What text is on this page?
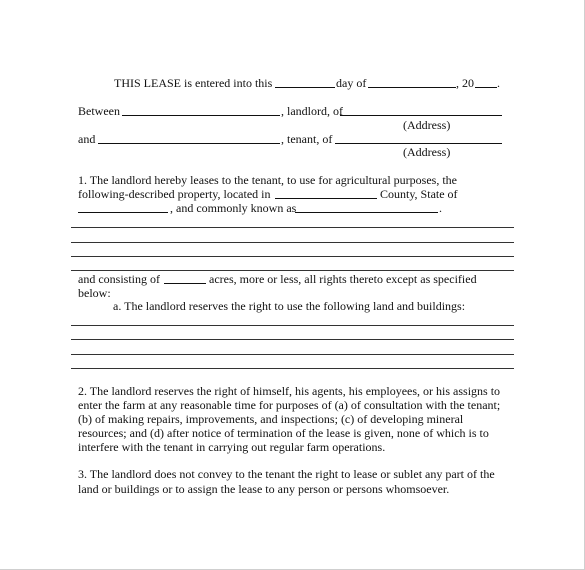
THIS LEASE is entered into this	day of	, 20 .

Between	, landlord, of

(Address)

and	, tenant, of

(Address)

1. The landlord hereby leases to the tenant, to use for agricultural purposes, the

following-described property, located in	County, State of

, and commonly known as	.

and consisting of	acres, more or less, all rights thereto except as specified

below:

a. The landlord reserves the right to use the following land and buildings:

2. The landlord reserves the right of himself, his agents, his employees, or his assigns to

enter the farm at any reasonable time for purposes of (a) of consultation with the tenant;

(b) of making repairs, improvements, and inspections; (c) of developing mineral

resources; and (d) after notice of termination of the lease is given, none of which is to

interfere with the tenant in carrying out regular farm operations.

3. The landlord does not convey to the tenant the right to lease or sublet any part of the

land or buildings or to assign the lease to any person or persons whomsoever.
